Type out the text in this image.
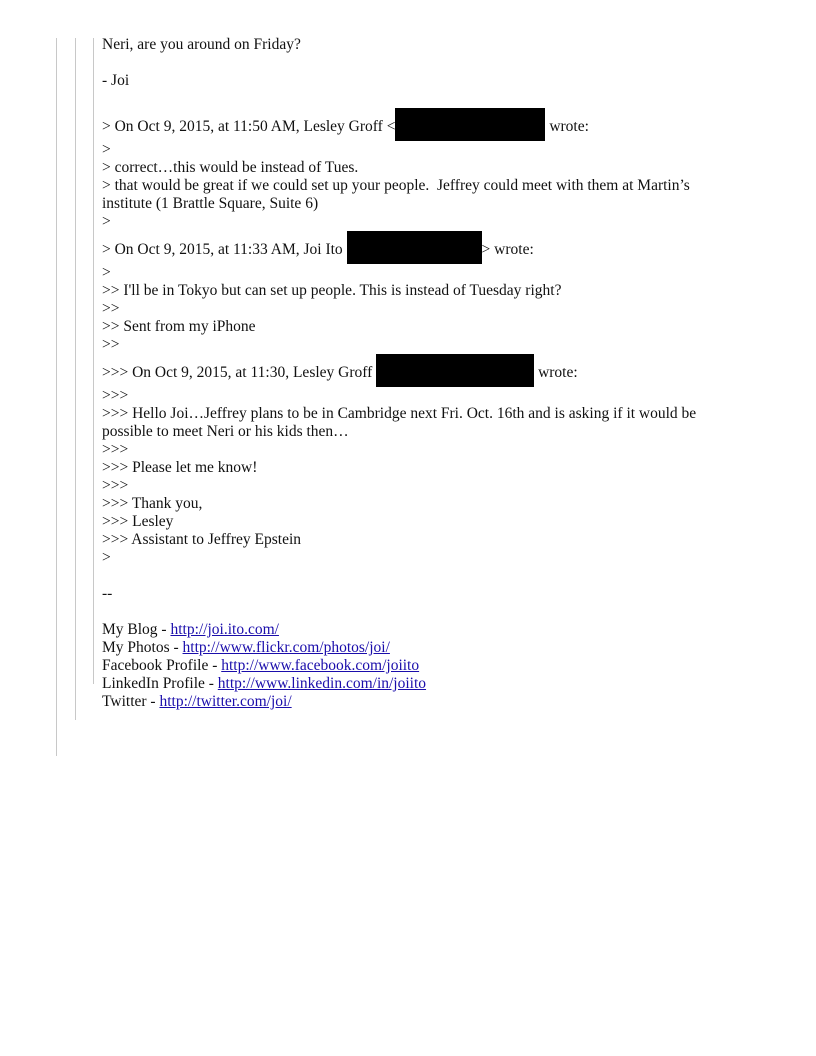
Neri, are you around on Friday?
- Joi
> On Oct 9, 2015, at 11:50 AM, Lesley Groff <	wrote:
>
> correct…this would be instead of Tues.
> that would be great if we could set up your people.  Jeffrey could meet with them at Martin’s institute (1 Brattle Square, Suite 6)
>
> On Oct 9, 2015, at 11:33 AM, Joi Ito	> wrote:
>
>> I'll be in Tokyo but can set up people. This is instead of Tuesday right?
>>
>> Sent from my iPhone
>>
>>> On Oct 9, 2015, at 11:30, Lesley Groff	wrote:
>>>
>>> Hello Joi…Jeffrey plans to be in Cambridge next Fri. Oct. 16th and is asking if it would be possible to meet Neri or his kids then…
>>>
>>> Please let me know!
>>>
>>> Thank you,
>>> Lesley
>>> Assistant to Jeffrey Epstein
>
--
My Blog - http://joi.ito.com/
My Photos - http://www.flickr.com/photos/joi/
Facebook Profile - http://www.facebook.com/joiito
LinkedIn Profile - http://www.linkedin.com/in/joiito
Twitter - http://twitter.com/joi/
